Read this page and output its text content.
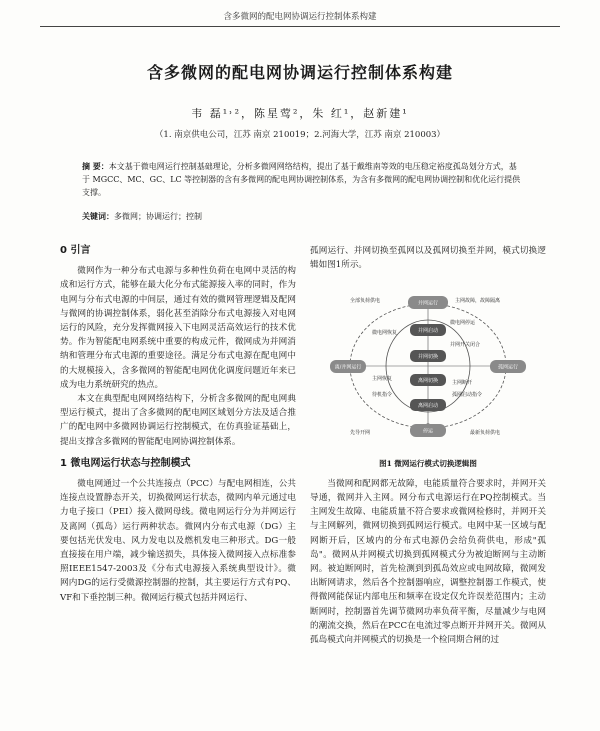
含多微网的配电网协调运行控制体系构建
含多微网的配电网协调运行控制体系构建
韦 磊¹˒²，陈星莺²，朱 红¹，赵新建¹
（1. 南京供电公司，江苏 南京 210019；2.河海大学，江苏 南京 210003）
摘 要：本文基于微电网运行控制基础理论，分析多微网网络结构，提出了基于戴维南等效的电压稳定裕度孤岛划分方式，基于 MGCC、MC、GC、LC 等控制器的含有多微网的配电网协调控制体系，为含有多微网的配电网协调控制和优化运行提供支撑。
关键词：多微网；协调运行；控制
0 引言

微网作为一种分布式电源与多种性负荷在电网中灵活的构成和运行方式，能够在最大化分布式能源接入率的同时，作为电网与分布式电源的中间层，通过有效的微网管理逻辑及配网与微网的协调控制体系，弱化甚至消除分布式电源接入对电网运行的风险，充分发挥微网接入下电网灵活高效运行的技术优势。作为智能配电网系统中重要的构成元件，微网成为并网消纳和管理分布式电源的重要途径。满足分布式电源在配电网中的大规模接入，含多微网的智能配电网优化调度问题近年来已成为电力系统研究的热点。

本文在典型配电网网络结构下，分析含多微网的配电网典型运行模式，提出了含多微网的配电网区域划分方法及适合推广的配电网中多微网协调运行控制模式，在仿真验证基础上，提出支撑含多微网的智能配电网协调控制体系。

1 微电网运行状态与控制模式

微电网通过一个公共连接点（PCC）与配电网相连，公共连接点设置静态开关，切换微网运行状态，微网内单元通过电力电子接口（PEI）接入微网母线。微电网运行分为并网运行及离网（孤岛）运行两种状态。微网内分布式电源（DG）主要包括光伏发电、风力发电以及燃机发电三种形式。DG一般直接接在用户端，减少输送损失，具体接入微网接入点标准参照IEEE1547-2003及《分布式电源接入系统典型设计》。微网内DG的运行受微源控制器的控制，其主要运行方式有PQ、VF和下垂控制三种。微网运行模式包括并网运行、

孤网运行、并网切换至孤网以及孤网切换至并网，模式切换逻辑如图1所示。

并网运行
离/并网运行	孤网运行
停运
并网启动
并网切换
离网切换
离网启动
全部负荷供电	主网故障，故障隔离
微电网恢复
微电网停运
并网开关闭合
主网恢复
待机指令	孤网启动指令
主网断开
先导开网	最新负荷供电
图1 微网运行模式切换逻辑图

当微网和配网都无故障，电能质量符合要求时，并网开关导通，微网并入主网。网分布式电源运行在PQ控制模式。当主网发生故障、电能质量不符合要求或微网检修时，并网开关与主网解列，微网切换到孤网运行模式。电网中某一区域与配网断开后，区域内的分布式电源仍会给负荷供电，形成"孤岛"。微网从并网模式切换到孤网模式分为被迫断网与主动断网。被迫断网时，首先检测到到孤岛效应或电网故障，微网发出断网请求，然后各个控制器响应，调整控制器工作模式，使得微网能保证内部电压和频率在设定仅允许误差范围内；主动断网时，控制器首先调节微网功率负荷平衡，尽量减少与电网的潮流交换，然后在PCC在电流过零点断开并网开关。微网从孤岛模式向并网模式的切换是一个检同期合闸的过
